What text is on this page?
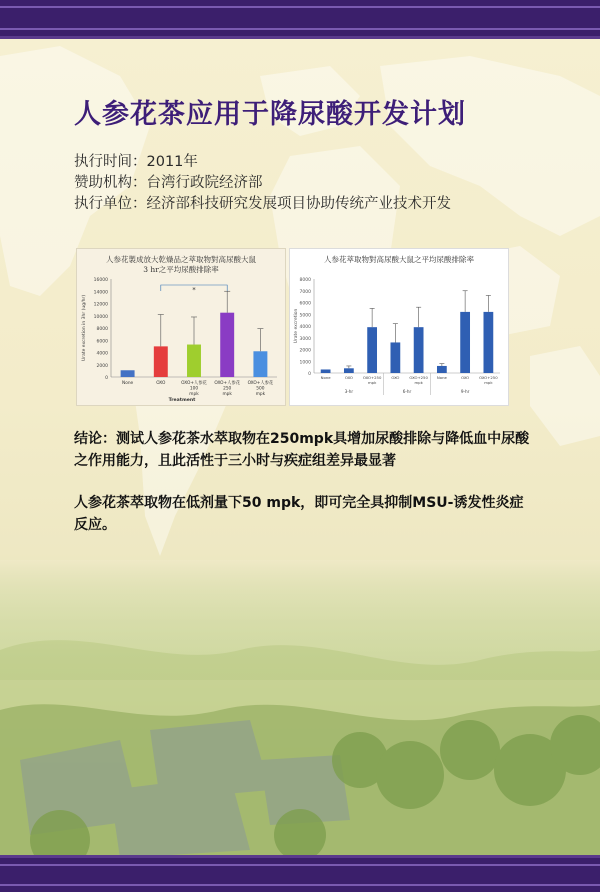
人参花茶应用于降尿酸开发计划
执行时间：2011年
赞助机构：台湾行政院经济部
执行单位：经济部科技研究发展项目协助传统产业技术开发
人参花製成放大乾燥品之萃取物對高尿酸大鼠3 hr之平均尿酸排除率
0
2000
4000
6000
8000
10000
12000
14000
16000
Urate excretion in 3hr (ug/hr)
None	OXO	OXO+人参花
100
mpk
OXO+人参花
250
mpk
OXO+人参花
500
mpk
*
Treatment
人参花萃取物對高尿酸大鼠之平均尿酸排除率
0
1000
2000
3000
4000
5000
6000
7000
8000
Urate excretion
None	OXO	OXO+250
mpk
OXO	OXO+250
mpk
None	OXO	OXO+250
mpk
3-hr	6-hr	9-hr
结论：测试人参花茶水萃取物在250mpk具增加尿酸排除与降低血中尿酸之作用能力，且此活性于三小时与疾症组差异最显著
人参花茶萃取物在低剂量下50 mpk，即可完全具抑制MSU-诱发性炎症反应。
